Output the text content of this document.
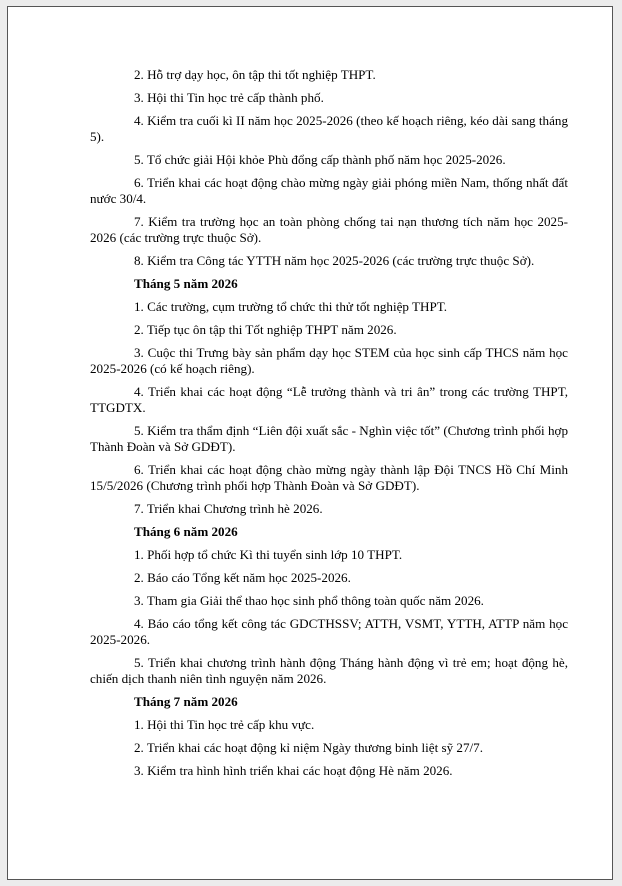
2. Hỗ trợ dạy học, ôn tập thi tốt nghiệp THPT.

3. Hội thi Tin học trẻ cấp thành phố.

4. Kiểm tra cuối kì II năm học 2025-2026 (theo kế hoạch riêng, kéo dài sang tháng 5).

5. Tổ chức giải Hội khỏe Phù đổng cấp thành phố năm học 2025-2026.

6. Triển khai các hoạt động chào mừng ngày giải phóng miền Nam, thống nhất đất nước 30/4.

7. Kiểm tra trường học an toàn phòng chống tai nạn thương tích năm học 2025-2026 (các trường trực thuộc Sở).

8. Kiểm tra Công tác YTTH năm học 2025-2026 (các trường trực thuộc Sở).

Tháng 5 năm 2026

1. Các trường, cụm trường tổ chức thi thử tốt nghiệp THPT.

2. Tiếp tục ôn tập thi Tốt nghiệp THPT năm 2026.

3. Cuộc thi Trưng bày sản phẩm dạy học STEM của học sinh cấp THCS năm học 2025-2026 (có kế hoạch riêng).

4. Triển khai các hoạt động “Lễ trưởng thành và tri ân” trong các trường THPT, TTGDTX.

5. Kiểm tra thẩm định “Liên đội xuất sắc - Nghìn việc tốt” (Chương trình phối hợp Thành Đoàn và Sở GDĐT).

6. Triển khai các hoạt động chào mừng ngày thành lập Đội TNCS Hồ Chí Minh 15/5/2026 (Chương trình phối hợp Thành Đoàn và Sở GDĐT).

7. Triển khai Chương trình hè 2026.

Tháng 6 năm 2026

1. Phối hợp tổ chức Kì thi tuyển sinh lớp 10 THPT.

2. Báo cáo Tổng kết năm học 2025-2026.

3. Tham gia Giải thể thao học sinh phổ thông toàn quốc năm 2026.

4. Báo cáo tổng kết công tác GDCTHSSV; ATTH, VSMT, YTTH, ATTP năm học 2025-2026.

5. Triển khai chương trình hành động Tháng hành động vì trẻ em; hoạt động hè, chiến dịch thanh niên tình nguyện năm 2026.

Tháng 7 năm 2026

1. Hội thi Tin học trẻ cấp khu vực.

2. Triển khai các hoạt động kỉ niệm Ngày thương binh liệt sỹ 27/7.

3. Kiểm tra hình hình triển khai các hoạt động Hè năm 2026.
